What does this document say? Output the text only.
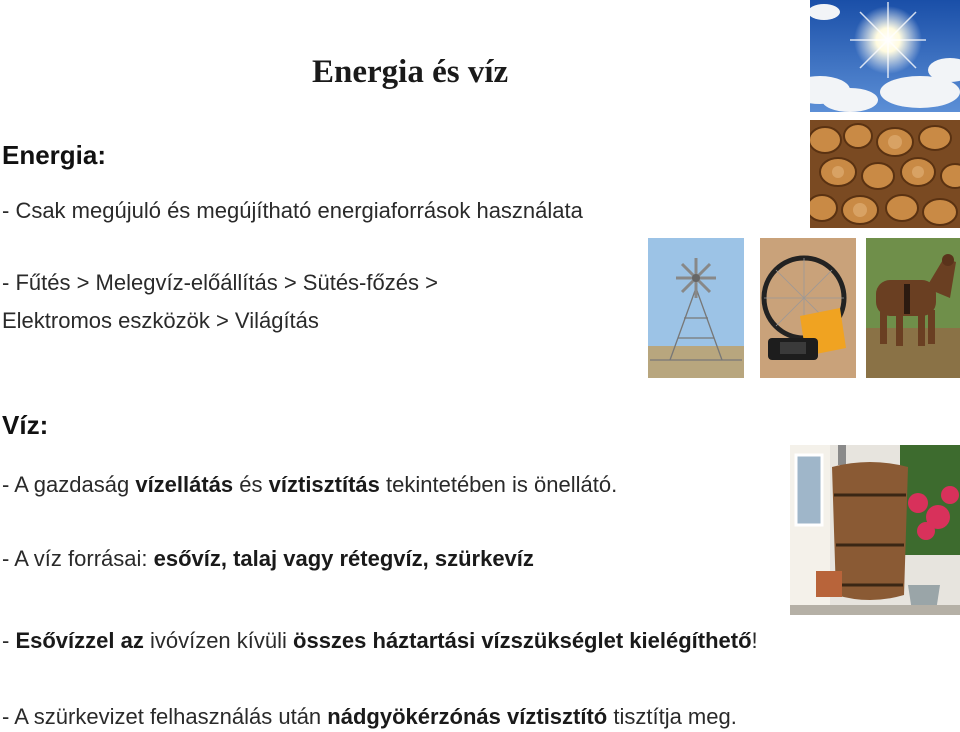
Energia és víz
Energia:
- Csak megújuló és megújítható energiaforrások használata
- Fűtés > Melegvíz-előállítás > Sütés-főzés >
Elektromos eszközök > Világítás
Víz:
- A gazdaság vízellátás és víztisztítás tekintetében is önellátó.
- A víz forrásai: esővíz, talaj vagy rétegvíz, szürkevíz
- Esővízzel az ivóvízen kívüli összes háztartási vízszükséglet kielégíthető!
- A szürkevizet felhasználás után nádgyökérzónás víztisztító tisztítja meg.
